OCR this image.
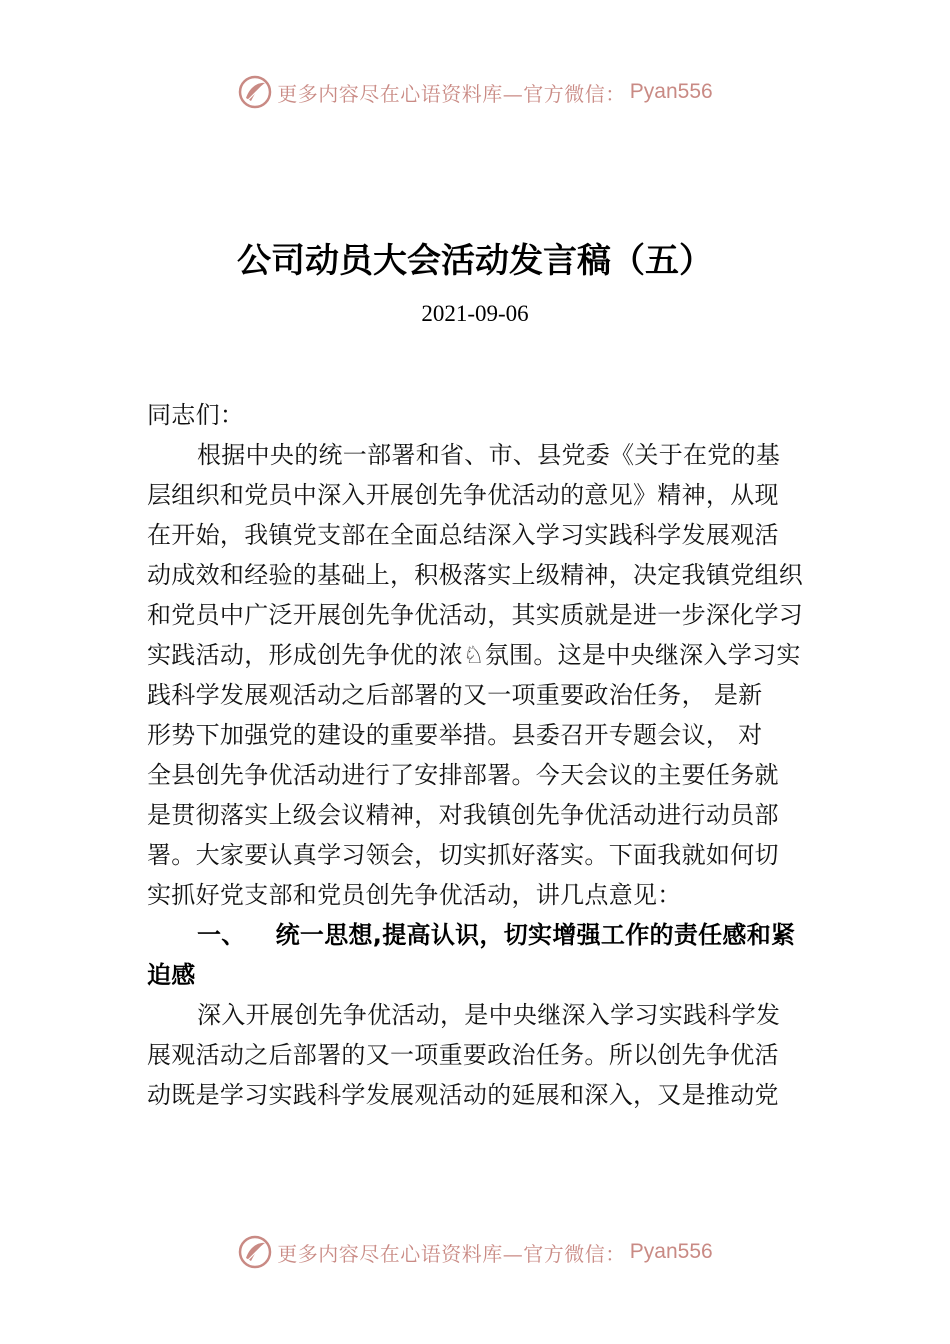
更多内容尽在心语资料库—官方微信： Pyan556
公司动员大会活动发言稿（五）
2021-09-06
同志们：
根据中央的统一部署和省、市、县党委《关于在党的基
层组织和党员中深入开展创先争优活动的意见》精神，从现
在开始，我镇党支部在全面总结深入学习实践科学发展观活
动成效和经验的基础上，积极落实上级精神，决定我镇党组织
和党员中广泛开展创先争优活动，其实质就是进一步深化学习
实践活动，形成创先争优的浓♘氛围。这是中央继深入学习实
践科学发展观活动之后部署的又一项重要政治任务， 是新
形势下加强党的建设的重要举措。县委召开专题会议， 对
全县创先争优活动进行了安排部署。今天会议的主要任务就
是贯彻落实上级会议精神，对我镇创先争优活动进行动员部
署。大家要认真学习领会，切实抓好落实。下面我就如何切
实抓好党支部和党员创先争优活动，讲几点意见：
一、 统一思想,提高认识，切实增强工作的责任感和紧
迫感
深入开展创先争优活动，是中央继深入学习实践科学发
展观活动之后部署的又一项重要政治任务。所以创先争优活
动既是学习实践科学发展观活动的延展和深入，又是推动党
更多内容尽在心语资料库—官方微信： Pyan556
